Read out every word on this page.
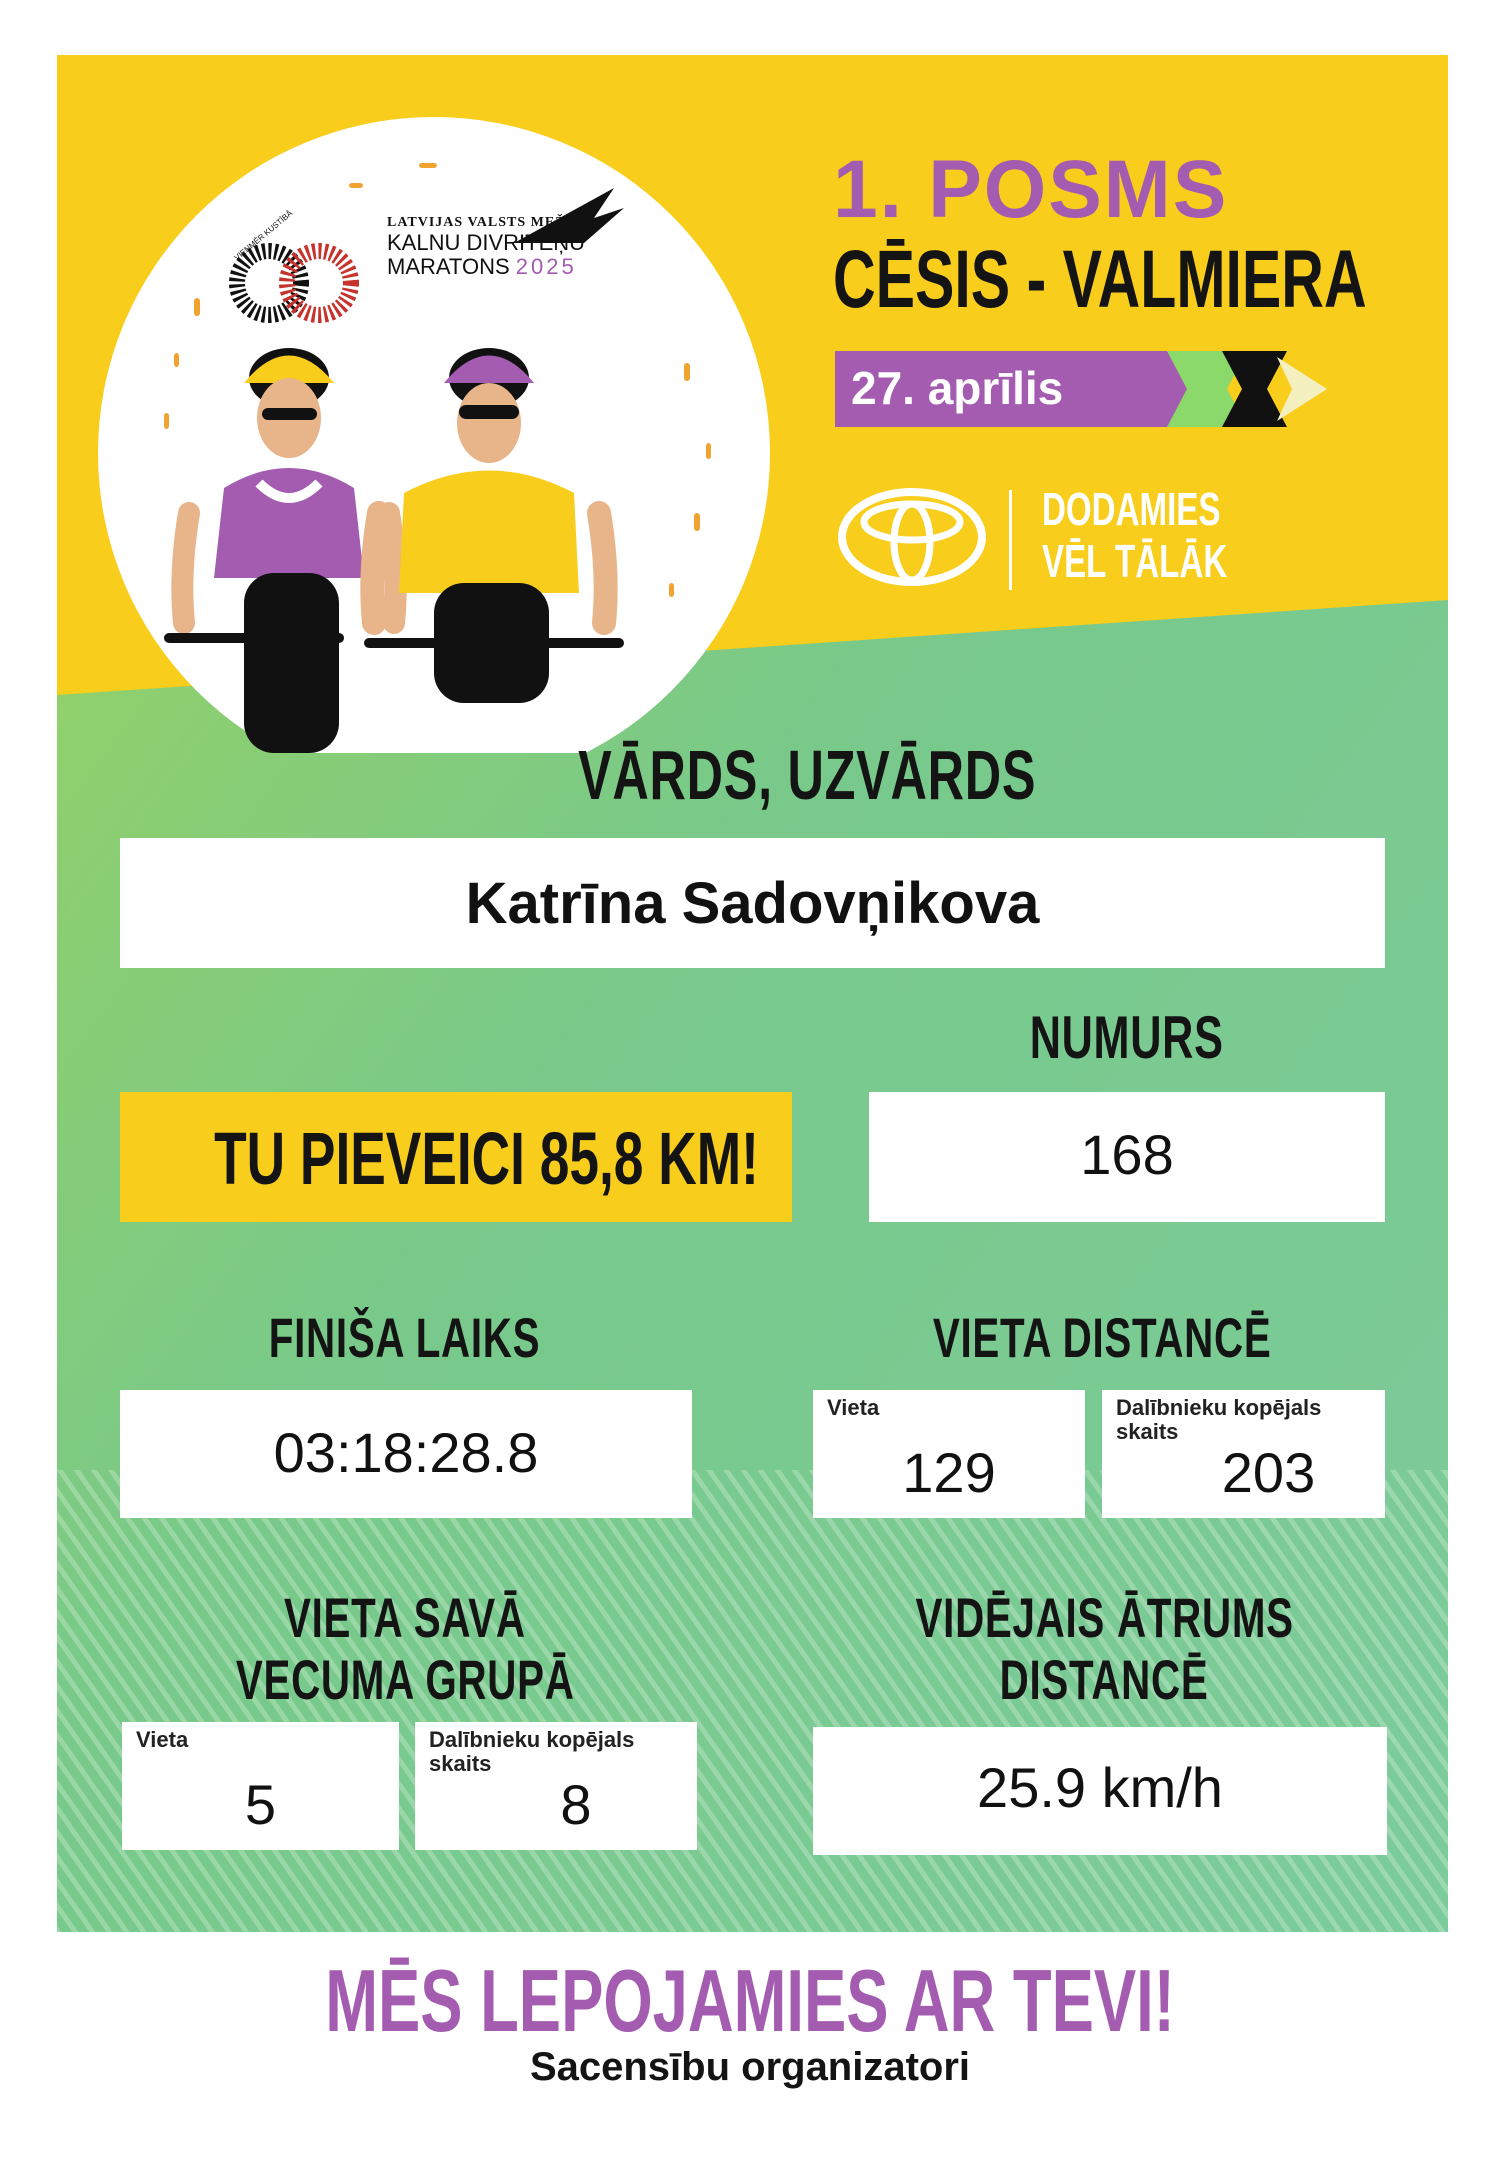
LATVIJAS VALSTS MEŽI
KALNU DIVRITEŅU
MARATONS 2025
VIENMĒR KUSTĪBĀ
1. POSMS
CĒSIS - VALMIERA
27. aprīlis
DODAMIES
VĒL TĀLĀK
VĀRDS, UZVĀRDS
Katrīna Sadovņikova
NUMURS
TU PIEVEICI 85,8 KM!	168
FINIŠA LAIKS
03:18:28.8
VIETA DISTANCĒ
Vieta
129
Dalībnieku kopējals skaits
203
VIETA SAVĀ
VECUMA GRUPĀ
Vieta
5
Dalībnieku kopējals skaits
8
VIDĒJAIS ĀTRUMS
DISTANCĒ
25.9 km/h
MĒS LEPOJAMIES AR TEVI!
Sacensību organizatori
